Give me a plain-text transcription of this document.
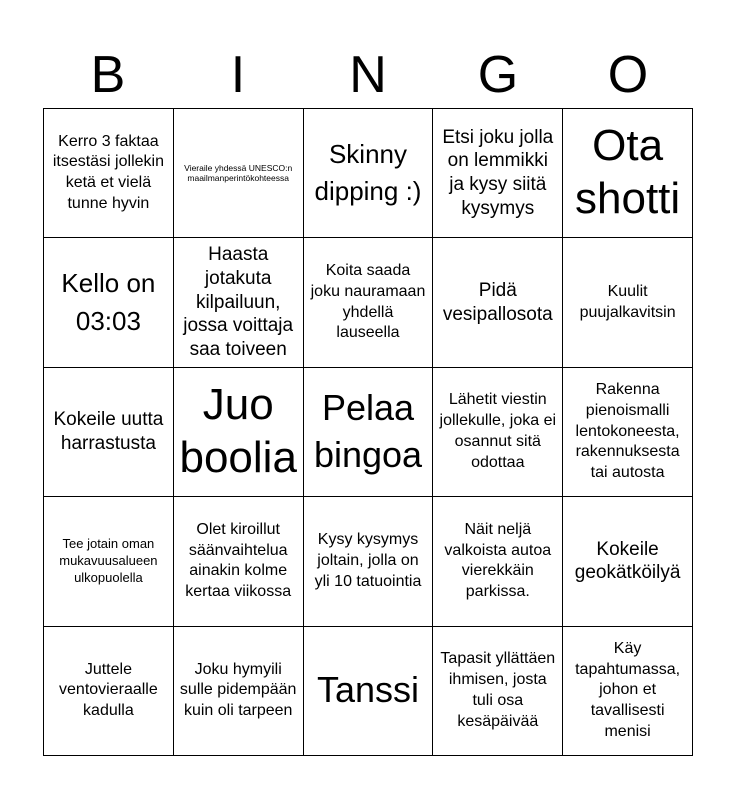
B	I	N	G	O
Kerro 3 faktaa itsestäsi jollekin ketä et vielä tunne hyvin
Vieraile yhdessä UNESCO:n maailmanperintökohteessa
Skinny dipping :)
Etsi joku jolla on lemmikki ja kysy siitä kysymys
Ota shotti
Kello on 03:03
Haasta jotakuta kilpailuun, jossa voittaja saa toiveen
Koita saada joku nauramaan yhdellä lauseella
Pidä vesipallosota
Kuulit puujalkavitsin
Kokeile uutta harrastusta
Juo boolia
Pelaa bingoa
Lähetit viestin jollekulle, joka ei osannut sitä odottaa
Rakenna pienoismalli lentokoneesta, rakennuksesta tai autosta
Tee jotain oman mukavuusalueen ulkopuolella
Olet kiroillut säänvaihtelua ainakin kolme kertaa viikossa
Kysy kysymys joltain, jolla on yli 10 tatuointia
Näit neljä valkoista autoa vierekkäin parkissa.
Kokeile geokätköilyä
Juttele ventovieraalle kadulla
Joku hymyili sulle pidempään kuin oli tarpeen
Tanssi
Tapasit yllättäen ihmisen, josta tuli osa kesäpäivää
Käy tapahtumassa, johon et tavallisesti menisi
